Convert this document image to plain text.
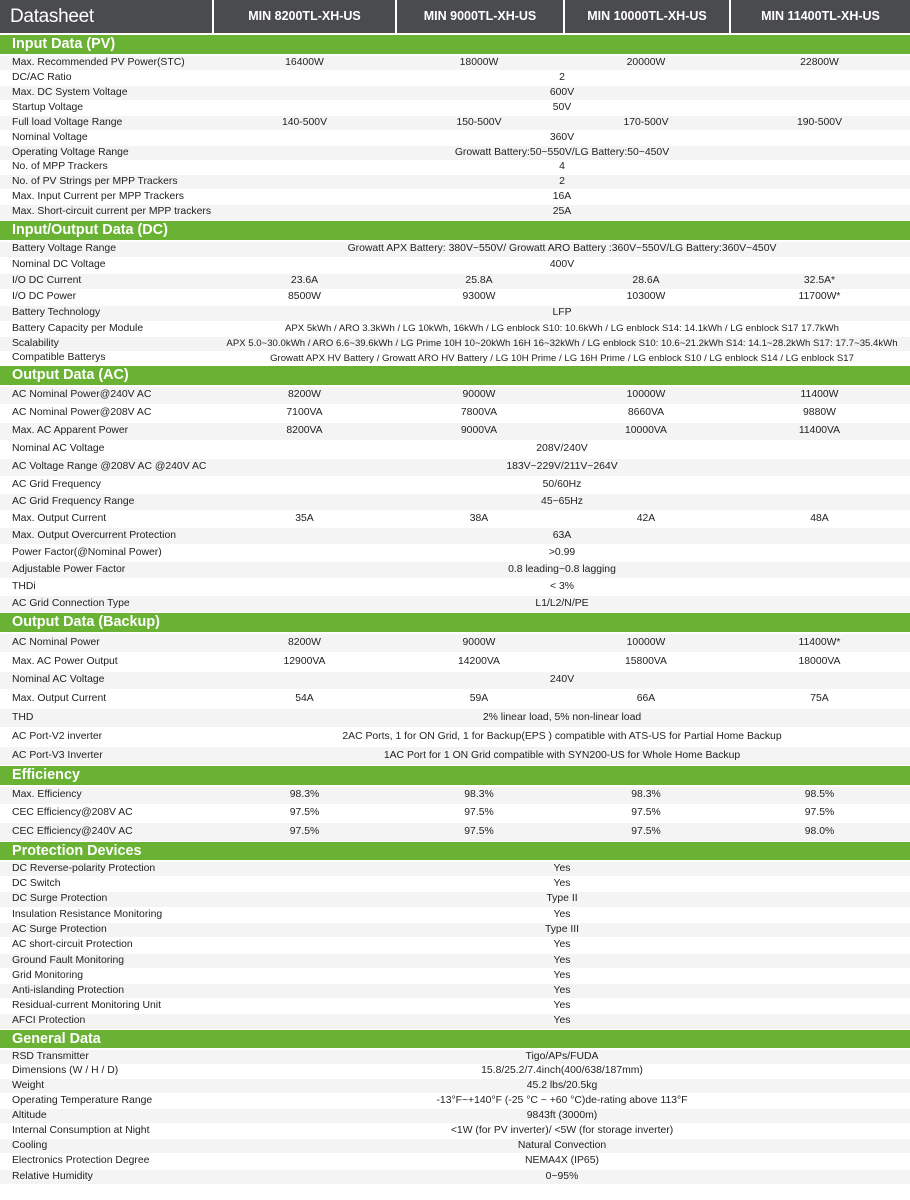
Datasheet	MIN 8200TL-XH-US	MIN 9000TL-XH-US	MIN 10000TL-XH-US	MIN 11400TL-XH-US
Input Data (PV)
Max. Recommended PV Power(STC)	16400W	18000W	20000W	22800W
DC/AC Ratio	2
Max. DC System Voltage	600V
Startup Voltage	50V
Full load Voltage Range	140-500V	150-500V	170-500V	190-500V
Nominal Voltage	360V
Operating Voltage Range	Growatt Battery:50~550V/LG Battery:50~450V
No. of MPP Trackers	4
No. of PV Strings per MPP Trackers	2
Max. Input Current per MPP Trackers	16A
Max. Short-circuit current per MPP trackers	25A
Input/Output Data (DC)
Battery Voltage Range	Growatt APX Battery: 380V~550V/ Growatt ARO Battery :360V~550V/LG Battery:360V~450V
Nominal DC Voltage	400V
I/O DC Current	23.6A	25.8A	28.6A	32.5A*
I/O DC Power	8500W	9300W	10300W	11700W*
Battery Technology	LFP
Battery Capacity per Module	APX 5kWh / ARO 3.3kWh / LG 10kWh, 16kWh / LG enblock S10: 10.6kWh / LG enblock S14: 14.1kWh / LG enblock S17 17.7kWh
Scalability	APX 5.0~30.0kWh / ARO 6.6~39.6kWh / LG Prime 10H 10~20kWh 16H 16~32kWh / LG enblock S10: 10.6~21.2kWh S14: 14.1~28.2kWh S17: 17.7~35.4kWh
Compatible Batterys	Growatt APX HV Battery / Growatt ARO HV Battery / LG 10H Prime / LG 16H Prime / LG enblock S10 / LG enblock S14 / LG enblock S17
Output Data (AC)
AC Nominal Power@240V AC	8200W	9000W	10000W	11400W
AC Nominal Power@208V AC	7100VA	7800VA	8660VA	9880W
Max. AC Apparent Power	8200VA	9000VA	10000VA	11400VA
Nominal AC Voltage	208V/240V
AC Voltage Range @208V AC @240V AC	183V~229V/211V~264V
AC Grid Frequency	50/60Hz
AC Grid Frequency Range	45~65Hz
Max. Output Current	35A	38A	42A	48A
Max. Output Overcurrent Protection	63A
Power Factor(@Nominal Power)	>0.99
Adjustable Power Factor	0.8 leading~0.8 lagging
THDi	< 3%
AC Grid Connection Type	L1/L2/N/PE
Output Data (Backup)
AC Nominal Power	8200W	9000W	10000W	11400W*
Max. AC Power Output	12900VA	14200VA	15800VA	18000VA
Nominal AC Voltage	240V
Max. Output Current	54A	59A	66A	75A
THD	2% linear load, 5% non-linear load
AC Port-V2 inverter	2AC Ports, 1 for ON Grid, 1 for Backup(EPS ) compatible with ATS-US for Partial Home Backup
AC Port-V3 Inverter	1AC Port for 1 ON Grid compatible with SYN200-US for Whole Home Backup
Efficiency
Max. Efficiency	98.3%	98.3%	98.3%	98.5%
CEC Efficiency@208V AC	97.5%	97.5%	97.5%	97.5%
CEC Efficiency@240V AC	97.5%	97.5%	97.5%	98.0%
Protection Devices
DC Reverse-polarity Protection	Yes
DC Switch	Yes
DC Surge Protection	Type II
Insulation Resistance Monitoring	Yes
AC Surge Protection	Type III
AC short-circuit Protection	Yes
Ground Fault Monitoring	Yes
Grid Monitoring	Yes
Anti-islanding Protection	Yes
Residual-current Monitoring Unit	Yes
AFCI Protection	Yes
General Data
RSD Transmitter	Tigo/APs/FUDA
Dimensions (W / H / D)	15.8/25.2/7.4inch(400/638/187mm)
Weight	45.2 lbs/20.5kg
Operating Temperature Range	-13°F~+140°F (-25 °C ~ +60 °C)de-rating above 113°F
Altitude	9843ft (3000m)
Internal Consumption at Night	<1W (for PV inverter)/ <5W (for storage inverter)
Cooling	Natural Convection
Electronics Protection Degree	NEMA4X (IP65)
Relative Humidity	0~95%
